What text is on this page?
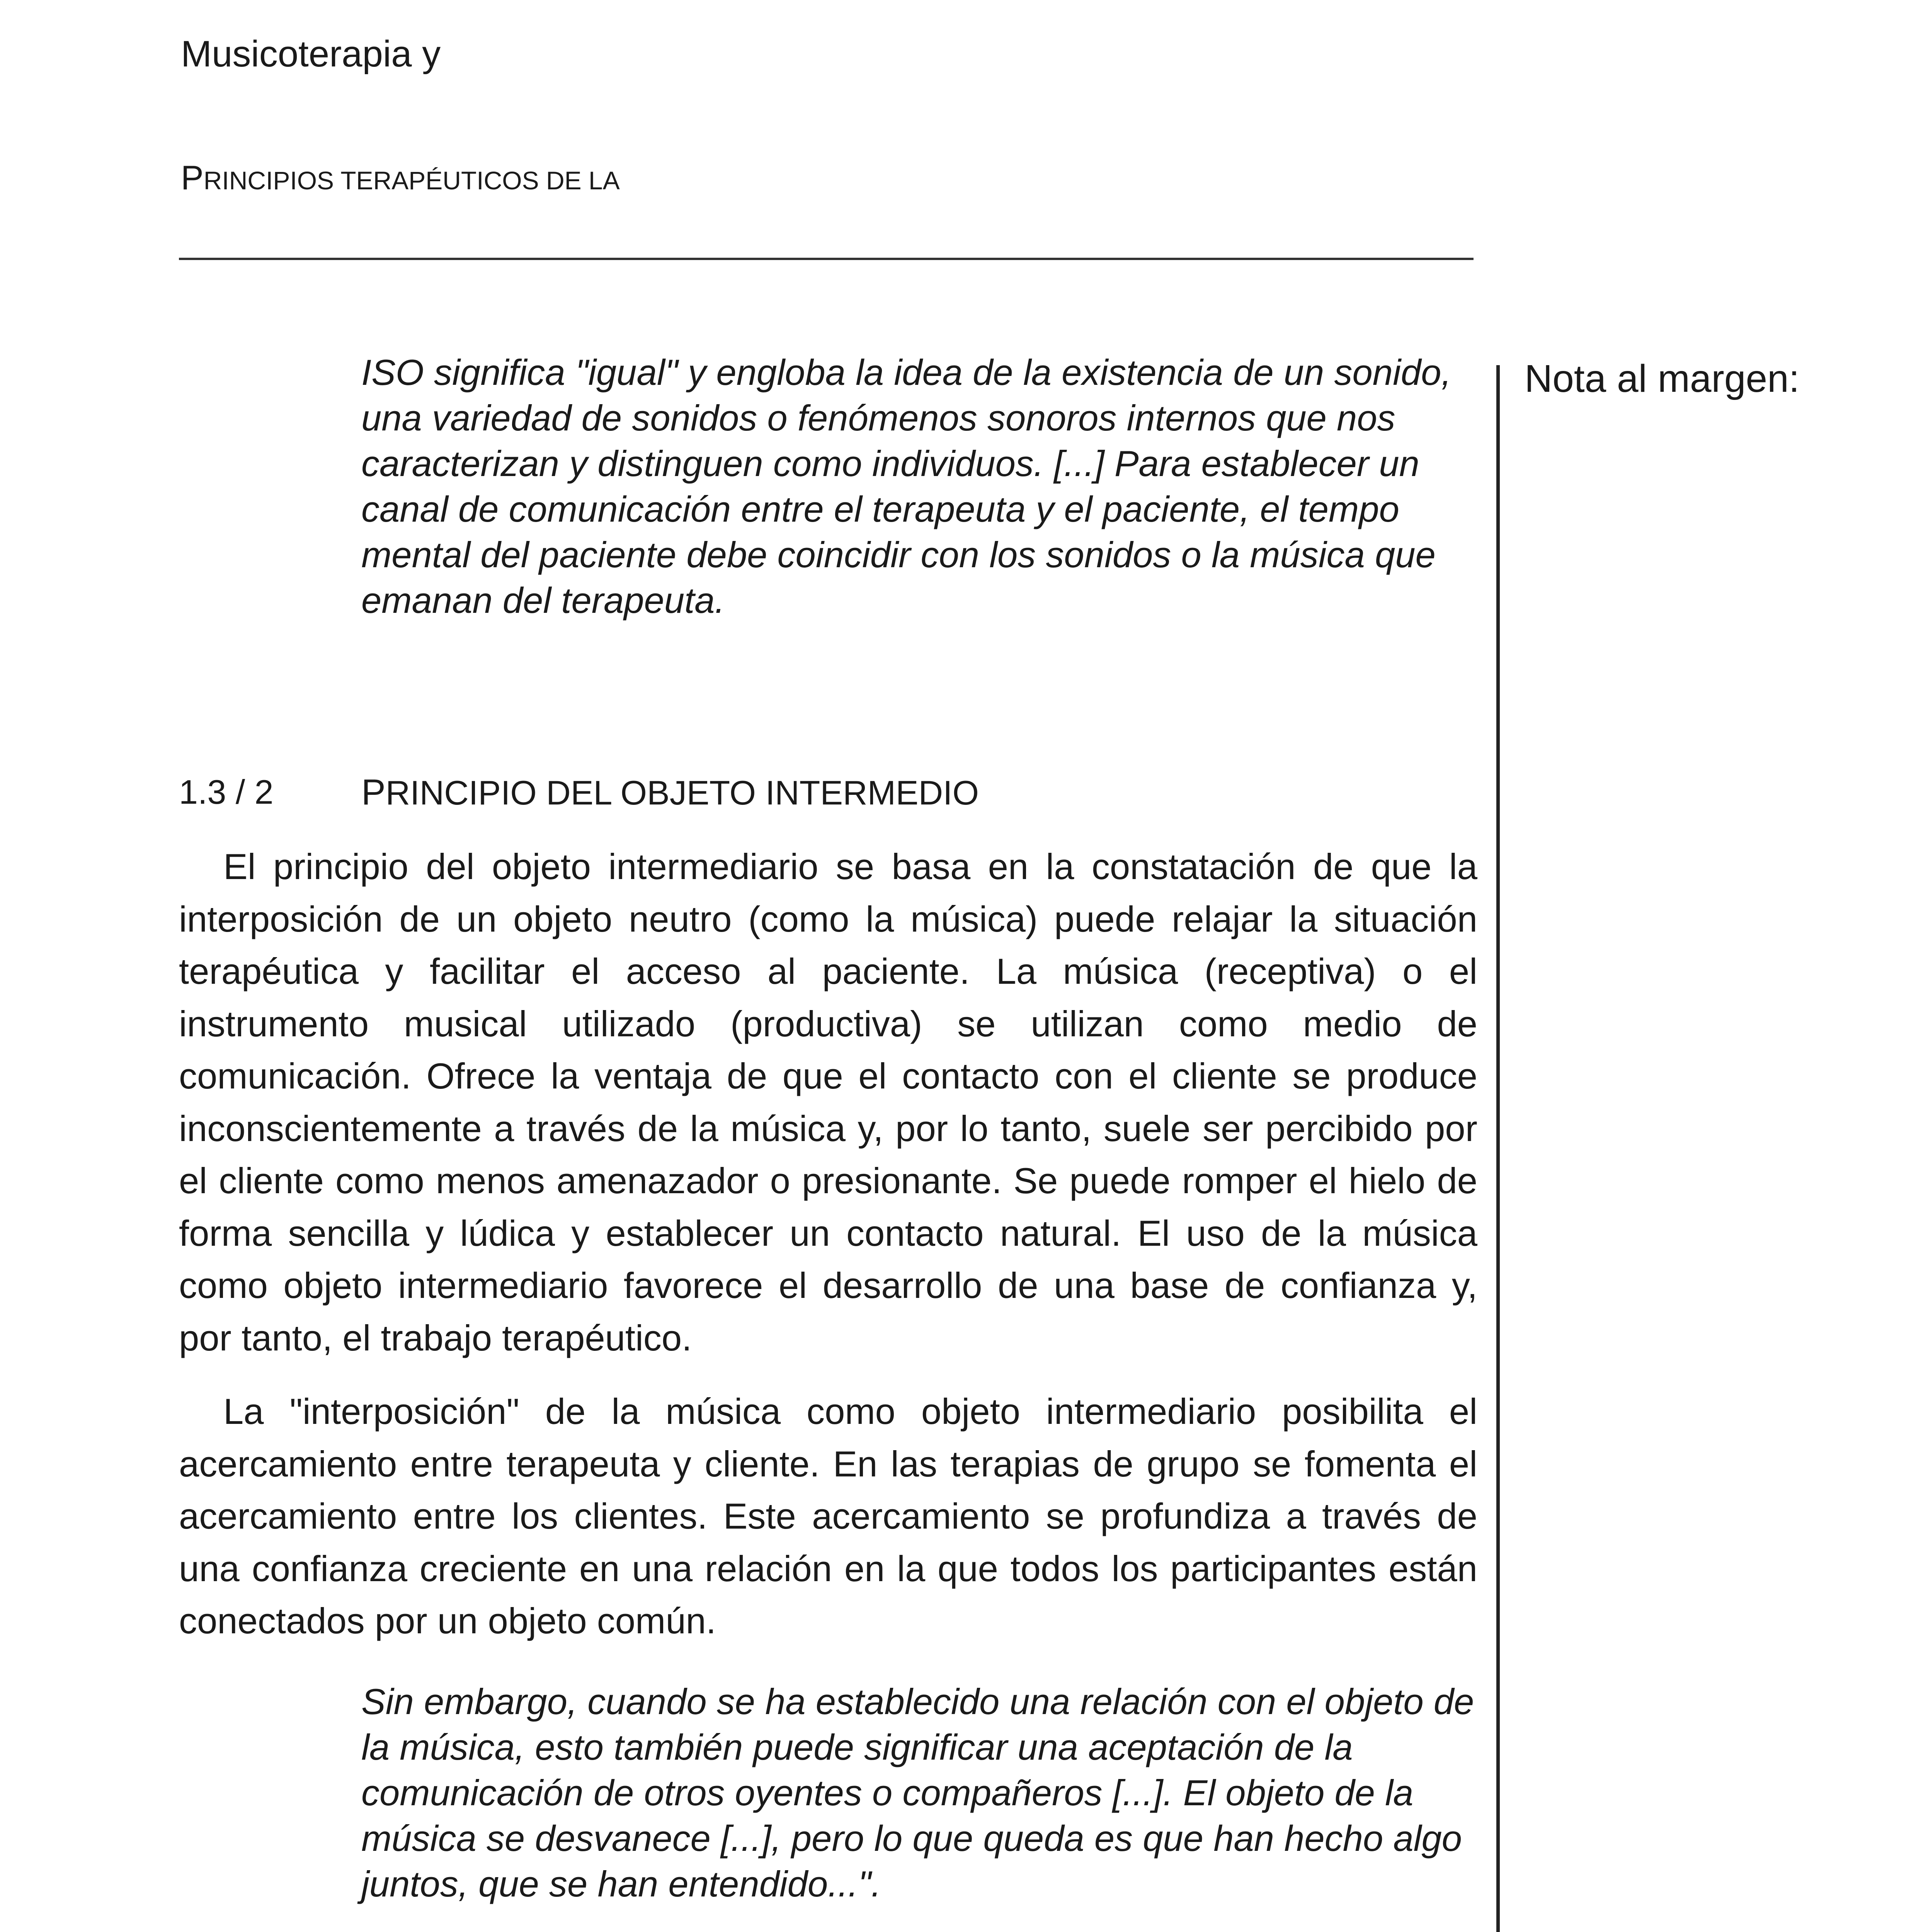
Musicoterapia y
PRINCIPIOS TERAPÉUTICOS DE LA
Nota al margen:

ISO significa "igual" y engloba la idea de la existencia de un sonido, una variedad de sonidos o fenómenos sonoros internos que nos caracterizan y distinguen como individuos. [...] Para establecer un canal de comunicación entre el terapeuta y el paciente, el tempo mental del paciente debe coincidir con los sonidos o la música que emanan del terapeuta.

1.3 / 2 PRINCIPIO DEL OBJETO INTERMEDIO

El principio del objeto intermediario se basa en la constatación de que la interposición de un objeto neutro (como la música) puede relajar la situación terapéutica y facilitar el acceso al paciente. La música (receptiva) o el instrumento musical utilizado (productiva) se utilizan como medio de comunicación. Ofrece la ventaja de que el contacto con el cliente se produce inconscientemente a través de la música y, por lo tanto, suele ser percibido por el cliente como menos amenazador o presionante. Se puede romper el hielo de forma sencilla y lúdica y establecer un contacto natural. El uso de la música como objeto intermediario favorece el desarrollo de una base de confianza y, por tanto, el trabajo terapéutico.

La "interposición" de la música como objeto intermediario posibilita el acercamiento entre terapeuta y cliente. En las terapias de grupo se fomenta el acercamiento entre los clientes. Este acercamiento se profundiza a través de una confianza creciente en una relación en la que todos los participantes están conectados por un objeto común.

Sin embargo, cuando se ha establecido una relación con el objeto de la música, esto también puede significar una aceptación de la comunicación de otros oyentes o compañeros [...]. El objeto de la música se desvanece [...], pero lo que queda es que han hecho algo juntos, que se han entendido...".
